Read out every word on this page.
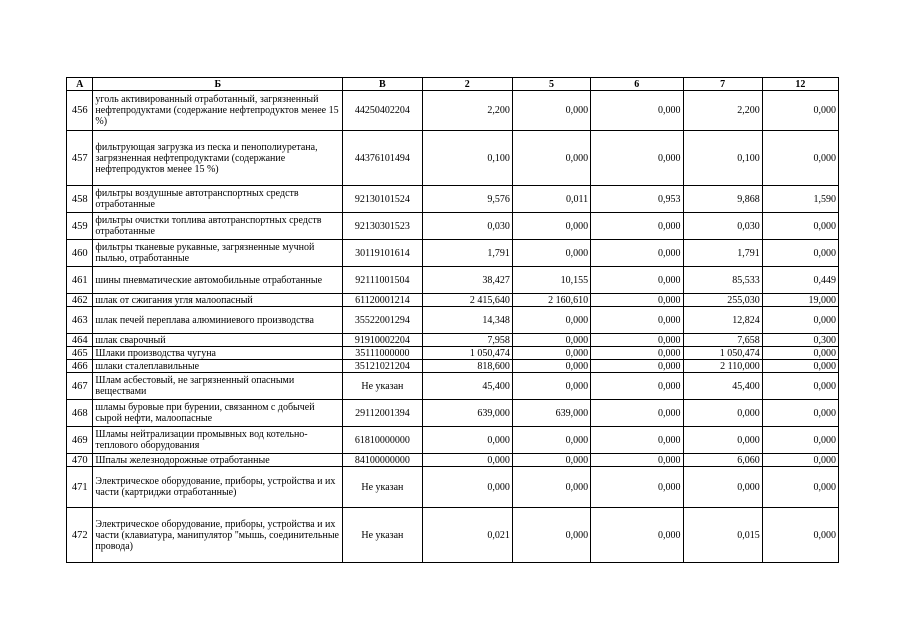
А	Б	В	2	5	6	7	12
456	уголь активированный отработанный, загрязненный нефтепродуктами (содержание нефтепродуктов менее 15 %)	44250402204	2,200	0,000	0,000	2,200	0,000
457	фильтрующая загрузка из песка и пенополиуретана, загрязненная нефтепродуктами (содержание нефтепродуктов менее 15 %)	44376101494	0,100	0,000	0,000	0,100	0,000
458	фильтры воздушные автотранспортных средств отработанные	92130101524	9,576	0,011	0,953	9,868	1,590
459	фильтры очистки топлива автотранспортных средств отработанные	92130301523	0,030	0,000	0,000	0,030	0,000
460	фильтры тканевые рукавные, загрязненные мучной пылью, отработанные	30119101614	1,791	0,000	0,000	1,791	0,000
461	шины пневматические автомобильные отработанные	92111001504	38,427	10,155	0,000	85,533	0,449
462	шлак от сжигания угля малоопасный	61120001214	2 415,640	2 160,610	0,000	255,030	19,000
463	шлак печей переплава алюминиевого производства	35522001294	14,348	0,000	0,000	12,824	0,000
464	шлак сварочный	91910002204	7,958	0,000	0,000	7,658	0,300
465	Шлаки производства чугуна	35111000000	1 050,474	0,000	0,000	1 050,474	0,000
466	шлаки сталеплавильные	35121021204	818,600	0,000	0,000	2 110,000	0,000
467	Шлам асбестовый, не загрязненный опасными веществами	Не указан	45,400	0,000	0,000	45,400	0,000
468	шламы буровые при бурении, связанном с добычей сырой нефти, малоопасные	29112001394	639,000	639,000	0,000	0,000	0,000
469	Шламы нейтрализации промывных вод котельно-теплового оборудования	61810000000	0,000	0,000	0,000	0,000	0,000
470	Шпалы железнодорожные отработанные	84100000000	0,000	0,000	0,000	6,060	0,000
471	Электрическое оборудование, приборы, устройства и их части (картриджи отработанные)	Не указан	0,000	0,000	0,000	0,000	0,000
472	Электрическое оборудование, приборы, устройства и их части (клавиатура, манипулятор "мышь, соединительные провода)	Не указан	0,021	0,000	0,000	0,015	0,000
